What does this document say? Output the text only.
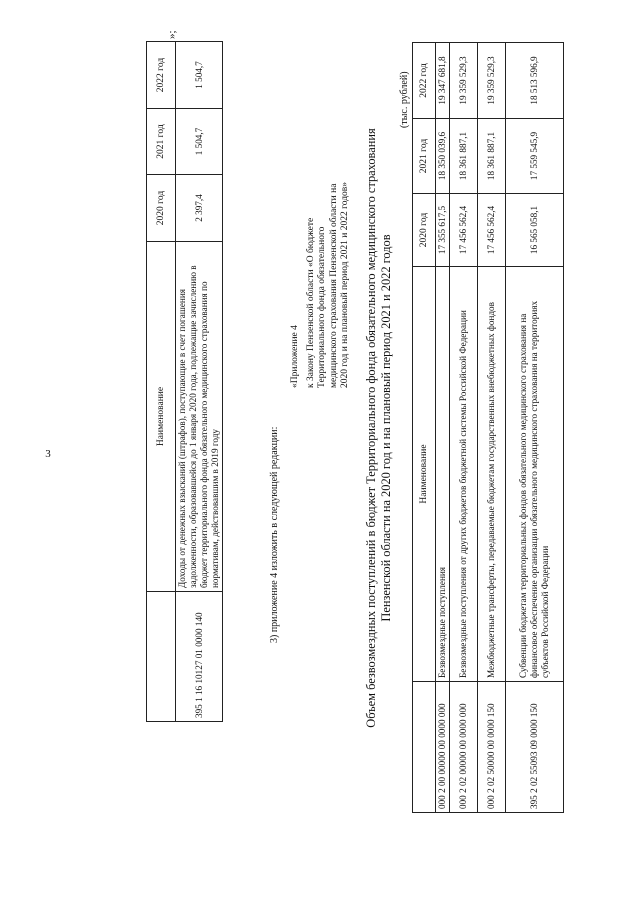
3
	Наименование	2020 год	2021 год	2022 год
395 1 16 10127 01 0000 140	Доходы от денежных взысканий (штрафов), поступающие в счет погашения задолженности, образовавшейся до 1 января 2020 года, подлежащие зачислению в бюджет территориального фонда обязательного медицинского страхования по нормативам, действовавшим в 2019 году	2 397,4	1 504,7	1 504,7
»;
3) приложение 4 изложить в следующей редакции:
«Приложение 4 к Закону Пензенской области «О бюджете Территориального фонда обязательного медицинского страхования Пензенской области на 2020 год и на плановый период 2021 и 2022 годов» Объем безвозмездных поступлений в бюджет Территориального фонда обязательного медицинского страхования Пензенской области на 2020 год и на плановый период 2021 и 2022 годов
(тыс. рублей)
	Наименование	2020 год	2021 год	2022 год
000 2 00 00000 00 0000 000	Безвозмездные поступления	17 355 617,5	18 350 039,6	19 347 681,8
000 2 02 00000 00 0000 000	Безвозмездные поступления от других бюджетов бюджетной системы Российской Федерации	17 456 562,4	18 361 887,1	19 359 529,3
000 2 02 50000 00 0000 150	Межбюджетные трансферты, передаваемые бюджетам государственных внебюджетных фондов	17 456 562,4	18 361 887,1	19 359 529,3
395 2 02 55093 09 0000 150	Субвенции бюджетам территориальных фондов обязательного медицинского страхования на финансовое обеспечение организации обязательного медицинского страхования на территориях субъектов Российской Федерации	16 565 058,1	17 559 545,9	18 513 596,9
